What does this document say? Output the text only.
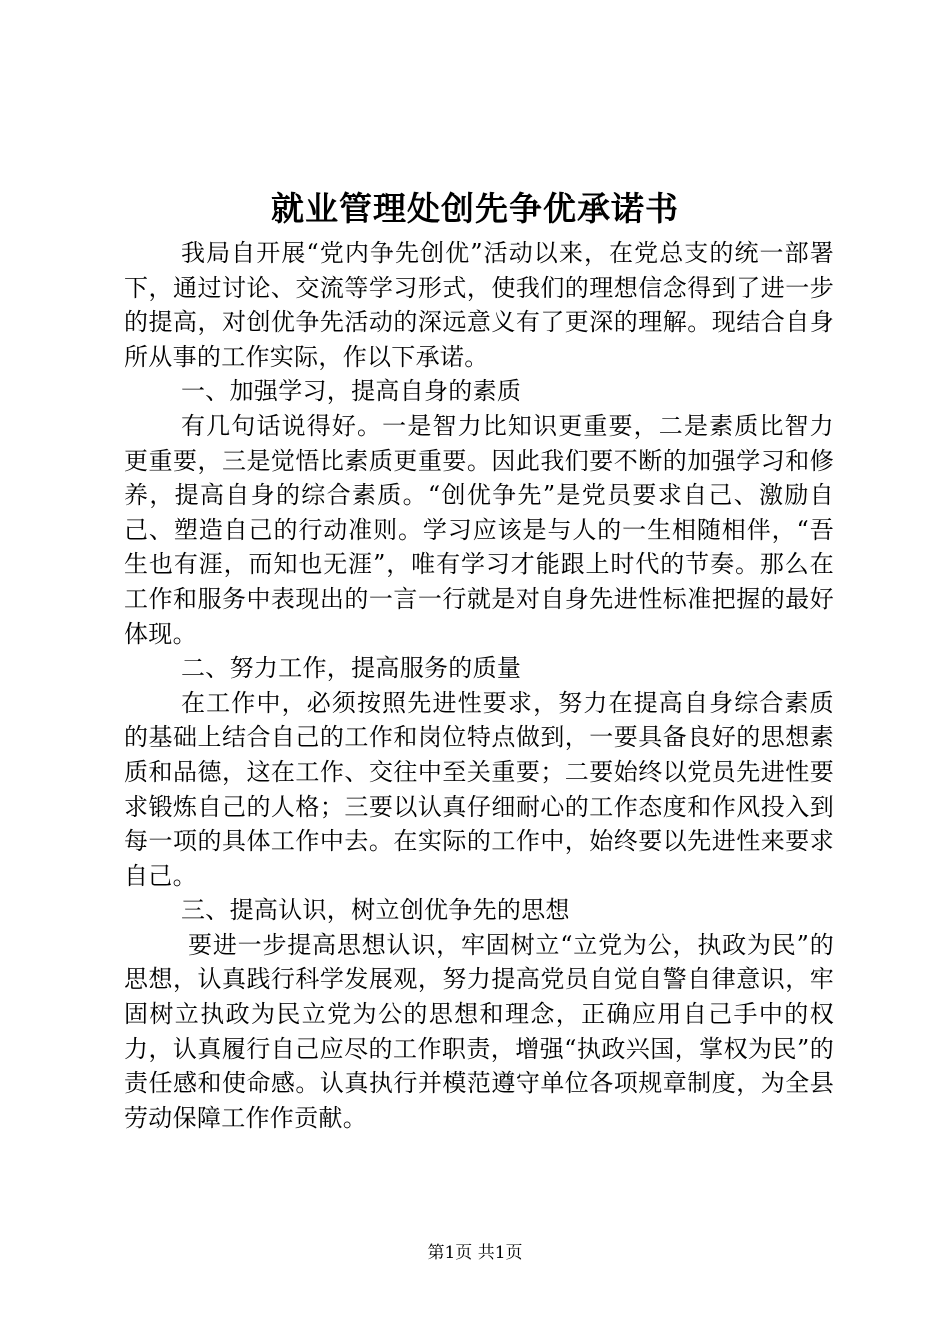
就业管理处创先争优承诺书

我局自开展“党内争先创优”活动以来，在党总支的统一部署下，通过讨论、交流等学习形式，使我们的理想信念得到了进一步的提高，对创优争先活动的深远意义有了更深的理解。现结合自身所从事的工作实际，作以下承诺。

一、加强学习，提高自身的素质

有几句话说得好。一是智力比知识更重要，二是素质比智力更重要，三是觉悟比素质更重要。因此我们要不断的加强学习和修养，提高自身的综合素质。“创优争先”是党员要求自己、激励自己、塑造自己的行动准则。学习应该是与人的一生相随相伴，“吾生也有涯，而知也无涯”，唯有学习才能跟上时代的节奏。那么在工作和服务中表现出的一言一行就是对自身先进性标准把握的最好体现。

二、努力工作，提高服务的质量

在工作中，必须按照先进性要求，努力在提高自身综合素质的基础上结合自己的工作和岗位特点做到，一要具备良好的思想素质和品德，这在工作、交往中至关重要；二要始终以党员先进性要求锻炼自己的人格；三要以认真仔细耐心的工作态度和作风投入到每一项的具体工作中去。在实际的工作中，始终要以先进性来要求自己。

三、提高认识，树立创优争先的思想

要进一步提高思想认识，牢固树立“立党为公，执政为民”的思想，认真践行科学发展观，努力提高党员自觉自警自律意识，牢固树立执政为民立党为公的思想和理念，正确应用自己手中的权力，认真履行自己应尽的工作职责，增强“执政兴国，掌权为民”的责任感和使命感。认真执行并模范遵守单位各项规章制度，为全县劳动保障工作作贡献。

第1页 共1页
